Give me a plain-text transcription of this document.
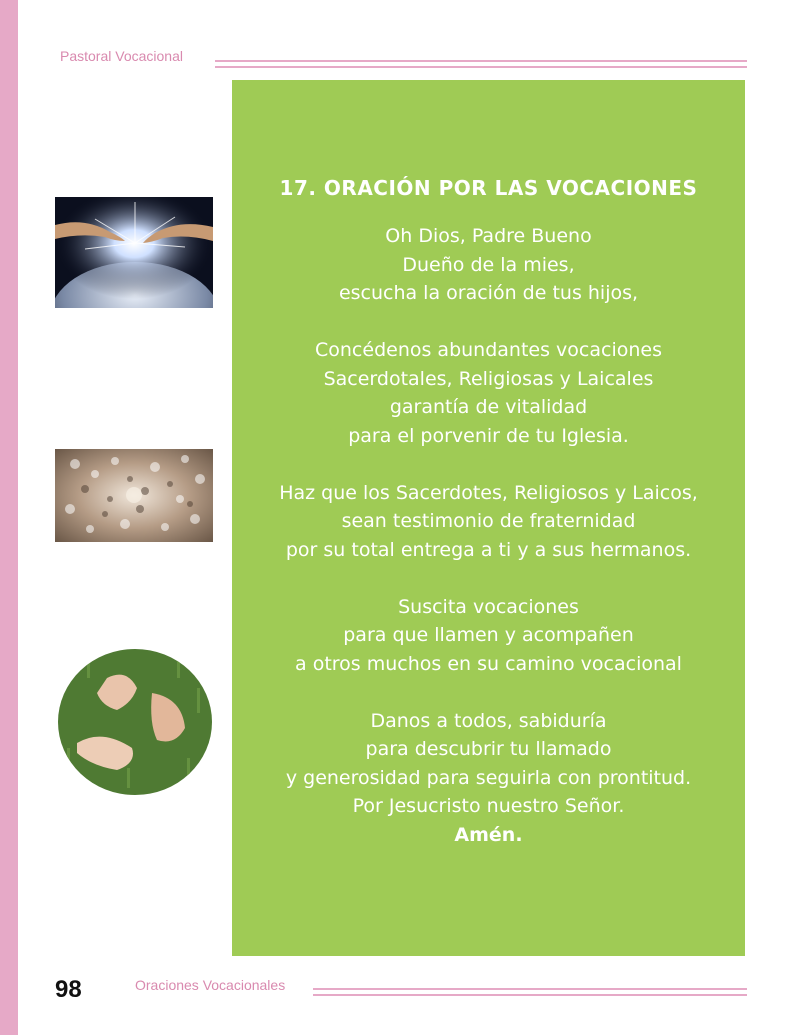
Pastoral Vocacional
17. ORACIÓN POR LAS VOCACIONES
Oh Dios, Padre Bueno
Dueño de la mies,
escucha la oración de tus hijos,
Concédenos abundantes vocaciones
Sacerdotales, Religiosas y Laicales
garantía de vitalidad
para el porvenir de tu Iglesia.
Haz que los Sacerdotes, Religiosos y Laicos,
sean testimonio de fraternidad
por su total entrega a ti y a sus hermanos.
Suscita vocaciones
para que llamen y acompañen
a otros muchos en su camino vocacional
Danos a todos, sabiduría
para descubrir tu llamado
y generosidad para seguirla con prontitud.
Por Jesucristo nuestro Señor.
Amén.
98	Oraciones Vocacionales
